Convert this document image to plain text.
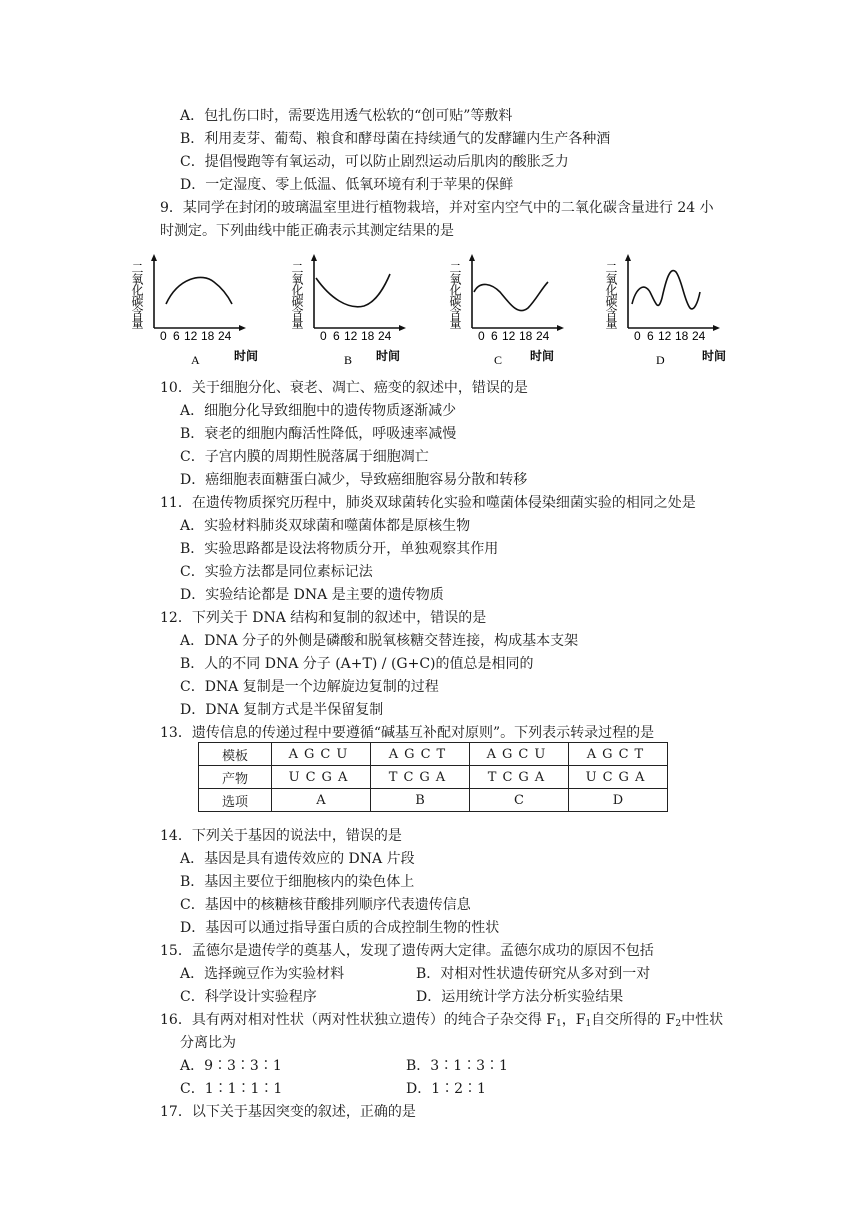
A．包扎伤口时，需要选用透气松软的“创可贴”等敷料
B．利用麦芽、葡萄、粮食和酵母菌在持续通气的发酵罐内生产各种酒
C．提倡慢跑等有氧运动，可以防止剧烈运动后肌肉的酸胀乏力
D．一定湿度、零上低温、低氧环境有利于苹果的保鲜
9．某同学在封闭的玻璃温室里进行植物栽培，并对室内空气中的二氧化碳含量进行 24 小
时测定。下列曲线中能正确表示其测定结果的是
二氧化碳含量
0 6 12 18 24
A	时间
二氧化碳含量
0 6 12 18 24
B 时间
二氧化碳含量
0 6 12 18 24
C 时间
二氧化碳含量
0 6 12 18 24
D	时间
10．关于细胞分化、衰老、凋亡、癌变的叙述中，错误的是
A．细胞分化导致细胞中的遗传物质逐渐减少
B．衰老的细胞内酶活性降低，呼吸速率减慢
C．子宫内膜的周期性脱落属于细胞凋亡
D．癌细胞表面糖蛋白减少，导致癌细胞容易分散和转移
11．在遗传物质探究历程中，肺炎双球菌转化实验和噬菌体侵染细菌实验的相同之处是
A．实验材料肺炎双球菌和噬菌体都是原核生物
B．实验思路都是设法将物质分开，单独观察其作用
C．实验方法都是同位素标记法
D．实验结论都是 DNA 是主要的遗传物质
12．下列关于 DNA 结构和复制的叙述中，错误的是
A．DNA 分子的外侧是磷酸和脱氧核糖交替连接，构成基本支架
B．人的不同 DNA 分子 (A+T) / (G+C)的值总是相同的
C．DNA 复制是一个边解旋边复制的过程
D．DNA 复制方式是半保留复制
13．遗传信息的传递过程中要遵循“碱基互补配对原则”。下列表示转录过程的是
模板	AGCU	AGCT	AGCU	AGCT
产物	UCGA	TCGA	TCGA	UCGA
选项	A	B	C	D
14．下列关于基因的说法中，错误的是
A．基因是具有遗传效应的 DNA 片段
B．基因主要位于细胞核内的染色体上
C．基因中的核糖核苷酸排列顺序代表遗传信息
D．基因可以通过指导蛋白质的合成控制生物的性状
15．孟德尔是遗传学的奠基人，发现了遗传两大定律。孟德尔成功的原因不包括
A．选择豌豆作为实验材料	B．对相对性状遗传研究从多对到一对
C．科学设计实验程序	D．运用统计学方法分析实验结果
16．具有两对相对性状（两对性状独立遗传）的纯合子杂交得 $F_1$，$F_1$自交所得的 $F_2$中性状
分离比为
A．9∶3∶3∶1	B．3∶1∶3∶1
C．1∶1∶1∶1	D．1∶2∶1
17．以下关于基因突变的叙述，正确的是
